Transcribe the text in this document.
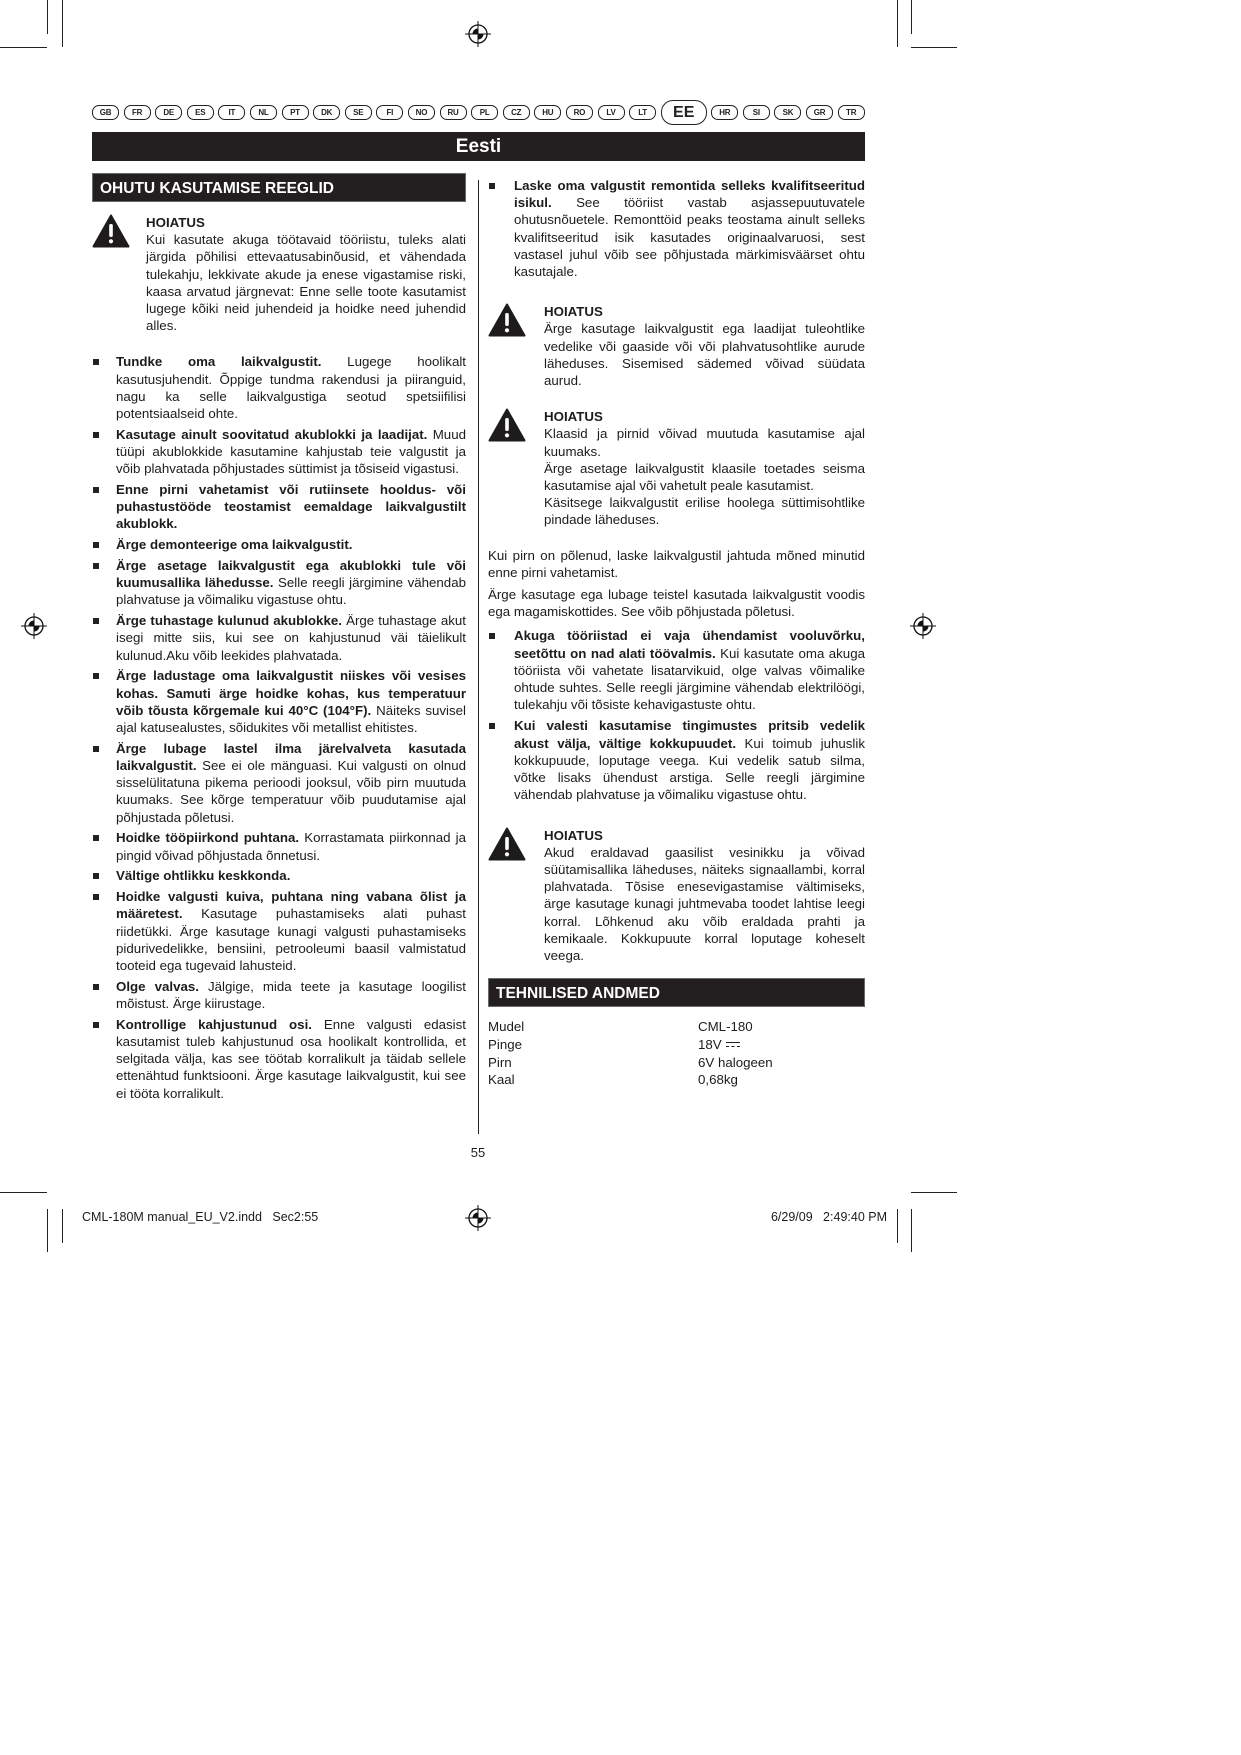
GB	FR	DE	ES	IT	NL	PT	DK	SE	FI	NO	RU	PL	CZ	HU	RO	LV	LT	EE	HR	SI	SK	GR	TR
Eesti
OHUTU KASUTAMISE REEGLID
HOIATUS

Kui kasutate akuga töötavaid tööriistu, tuleks alati järgida põhilisi ettevaatusabinõusid, et vähendada tulekahju, lekkivate akude ja enese vigastamise riski, kaasa arvatud järgnevat: Enne selle toote kasutamist lugege kõiki neid juhendeid ja hoidke need juhendid alles.

Tundke oma laikvalgustit. Lugege hoolikalt kasutusjuhendit. Õppige tundma rakendusi ja piiranguid, nagu ka selle laikvalgustiga seotud spetsiifilisi potentsiaalseid ohte.
Kasutage ainult soovitatud akublokki ja laadijat. Muud tüüpi akublokkide kasutamine kahjustab teie valgustit ja võib plahvatada põhjustades süttimist ja tõsiseid vigastusi.
Enne pirni vahetamist või rutiinsete hooldus- või puhastustööde teostamist eemaldage laikvalgustilt akublokk.
Ärge demonteerige oma laikvalgustit.
Ärge asetage laikvalgustit ega akublokki tule või kuumusallika lähedusse. Selle reegli järgimine vähendab plahvatuse ja võimaliku vigastuse ohtu.
Ärge tuhastage kulunud akublokke. Ärge tuhastage akut isegi mitte siis, kui see on kahjustunud väi täielikult kulunud.Aku võib leekides plahvatada.
Ärge ladustage oma laikvalgustit niiskes või vesises kohas. Samuti ärge hoidke kohas, kus temperatuur võib tõusta kõrgemale kui 40°C (104°F). Näiteks suvisel ajal katusealustes, sõidukites või metallist ehitistes.
Ärge lubage lastel ilma järelvalveta kasutada laikvalgustit. See ei ole mänguasi. Kui valgusti on olnud sisselülitatuna pikema perioodi jooksul, võib pirn muutuda kuumaks. See kõrge temperatuur võib puudutamise ajal põhjustada põletusi.
Hoidke tööpiirkond puhtana. Korrastamata piirkonnad ja pingid võivad põhjustada õnnetusi.
Vältige ohtlikku keskkonda.
Hoidke valgusti kuiva, puhtana ning vabana õlist ja määretest. Kasutage puhastamiseks alati puhast riidetükki. Ärge kasutage kunagi valgusti puhastamiseks pidurivedelikke, bensiini, petrooleumi baasil valmistatud tooteid ega tugevaid lahusteid.
Olge valvas. Jälgige, mida teete ja kasutage loogilist mõistust. Ärge kiirustage.
Kontrollige kahjustunud osi. Enne valgusti edasist kasutamist tuleb kahjustunud osa hoolikalt kontrollida, et selgitada välja, kas see töötab korralikult ja täidab sellele ettenähtud funktsiooni. Ärge kasutage laikvalgustit, kui see ei tööta korralikult.
Laske oma valgustit remontida selleks kvalifitseeritud isikul. See tööriist vastab asjassepuutuvatele ohutusnõuetele. Remonttöid peaks teostama ainult selleks kvalifitseeritud isik kasutades originaalvaruosi, sest vastasel juhul võib see põhjustada märkimisväärset ohtu kasutajale.
HOIATUS

Ärge kasutage laikvalgustit ega laadijat tuleohtlike vedelike või gaaside või või plahvatusohtlike aurude läheduses. Sisemised sädemed võivad süüdata aurud.

HOIATUS

Klaasid ja pirnid võivad muutuda kasutamise ajal kuumaks.

Ärge asetage laikvalgustit klaasile toetades seisma kasutamise ajal või vahetult peale kasutamist.

Käsitsege laikvalgustit erilise hoolega süttimisohtlike pindade läheduses.

Kui pirn on põlenud, laske laikvalgustil jahtuda mõned minutid enne pirni vahetamist.

Ärge kasutage ega lubage teistel kasutada laikvalgustit voodis ega magamiskottides. See võib põhjustada põletusi.

Akuga tööriistad ei vaja ühendamist vooluvõrku, seetõttu on nad alati töövalmis. Kui kasutate oma akuga tööriista või vahetate lisatarvikuid, olge valvas võimalike ohtude suhtes. Selle reegli järgimine vähendab elektrilöögi, tulekahju või tõsiste kehavigastuste ohtu.
Kui valesti kasutamise tingimustes pritsib vedelik akust välja, vältige kokkupuudet. Kui toimub juhuslik kokkupuude, loputage veega. Kui vedelik satub silma, võtke lisaks ühendust arstiga. Selle reegli järgimine vähendab plahvatuse ja võimaliku vigastuse ohtu.
HOIATUS

Akud eraldavad gaasilist vesinikku ja võivad süütamisallika läheduses, näiteks signaallambi, korral plahvatada. Tõsise enesevigastamise vältimiseks, ärge kasutage kunagi juhtmevaba toodet lahtise leegi korral. Lõhkenud aku võib eraldada prahti ja kemikaale. Kokkupuute korral loputage koheselt veega.

TEHNILISED ANDMED
Mudel	CML-180
Pinge	18V
Pirn	6V halogeen
Kaal	0,68kg
55
CML-180M manual_EU_V2.indd   Sec2:55	6/29/09   2:49:40 PM
